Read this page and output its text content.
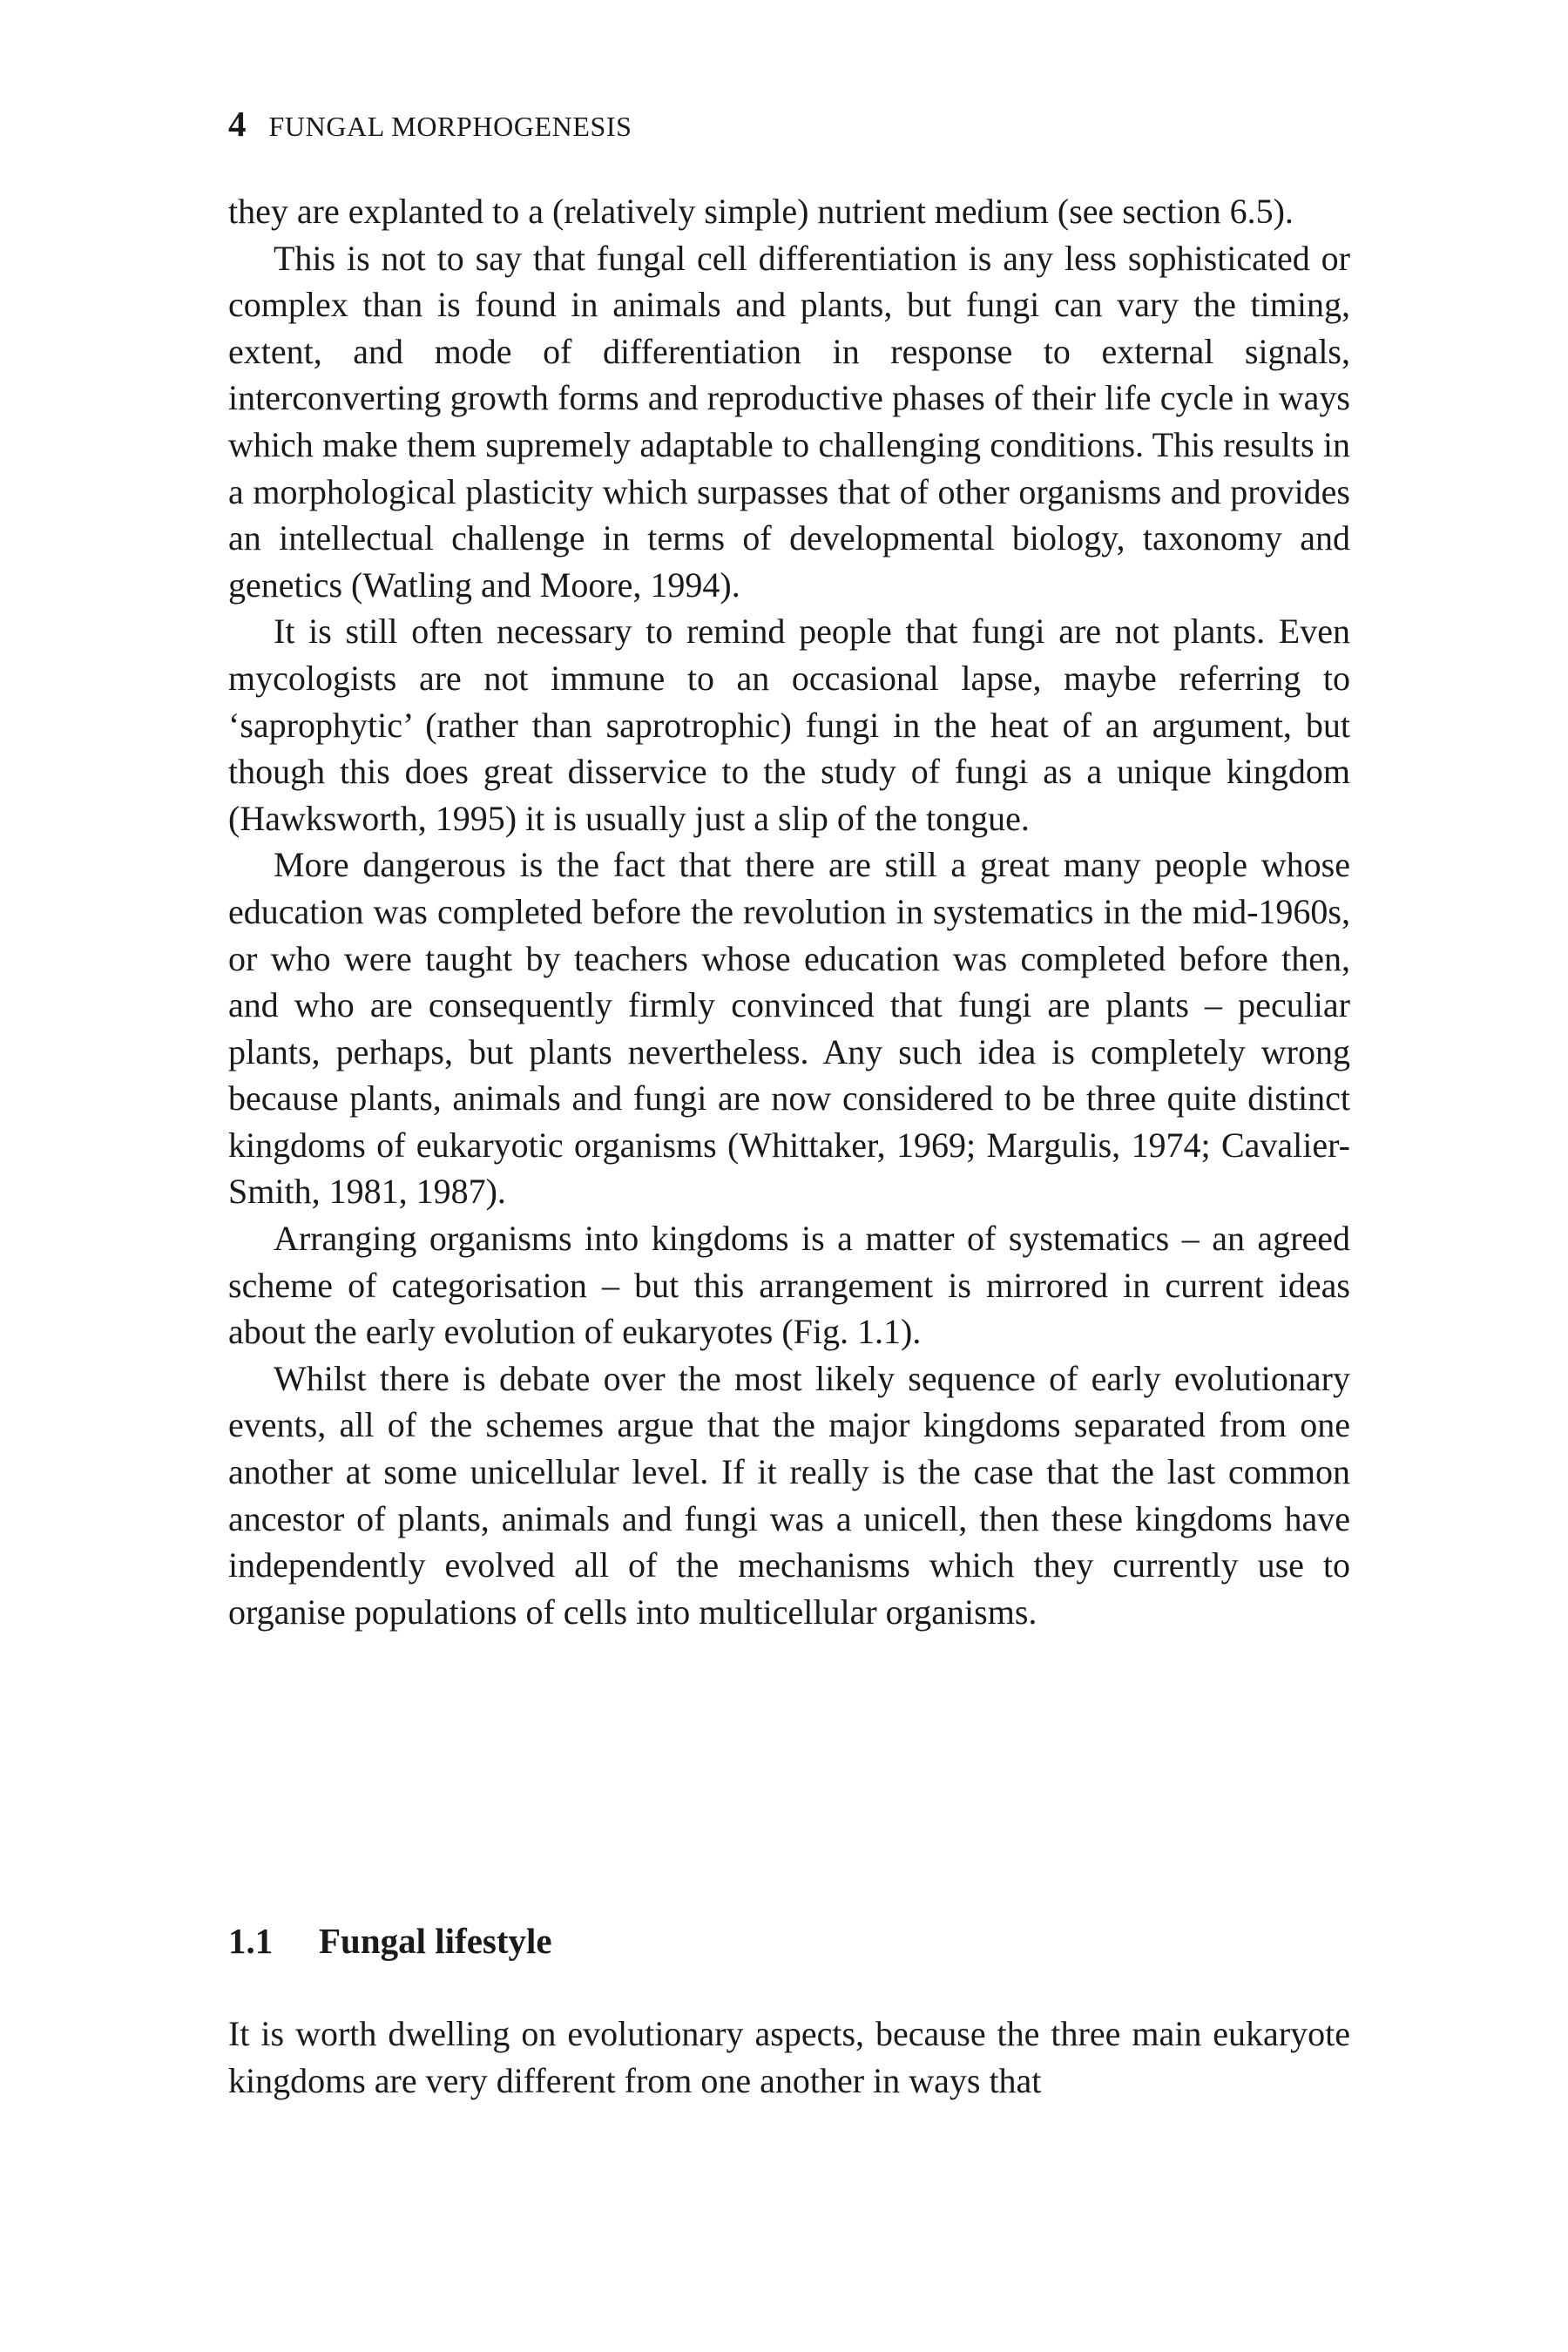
4 FUNGAL MORPHOGENESIS

they are explanted to a (relatively simple) nutrient medium (see section 6.5).

This is not to say that fungal cell differentiation is any less sophisticated or complex than is found in animals and plants, but fungi can vary the timing, extent, and mode of differentiation in response to external signals, interconverting growth forms and reproductive phases of their life cycle in ways which make them supremely adaptable to challenging conditions. This results in a morphological plasticity which surpasses that of other organisms and provides an intellectual challenge in terms of developmental biology, taxonomy and genetics (Watling and Moore, 1994).

It is still often necessary to remind people that fungi are not plants. Even mycologists are not immune to an occasional lapse, maybe referring to ‘saprophytic’ (rather than saprotrophic) fungi in the heat of an argument, but though this does great disservice to the study of fungi as a unique kingdom (Hawksworth, 1995) it is usually just a slip of the tongue.

More dangerous is the fact that there are still a great many people whose education was completed before the revolution in systematics in the mid-1960s, or who were taught by teachers whose education was completed before then, and who are consequently firmly convinced that fungi are plants – peculiar plants, perhaps, but plants nevertheless. Any such idea is completely wrong because plants, animals and fungi are now considered to be three quite distinct kingdoms of eukaryotic organisms (Whittaker, 1969; Margulis, 1974; Cavalier-Smith, 1981, 1987).

Arranging organisms into kingdoms is a matter of systematics – an agreed scheme of categorisation – but this arrangement is mirrored in current ideas about the early evolution of eukaryotes (Fig. 1.1).

Whilst there is debate over the most likely sequence of early evolutionary events, all of the schemes argue that the major kingdoms separated from one another at some unicellular level. If it really is the case that the last common ancestor of plants, animals and fungi was a unicell, then these kingdoms have independently evolved all of the mechanisms which they currently use to organise populations of cells into multicellular organisms.

1.1 Fungal lifestyle

It is worth dwelling on evolutionary aspects, because the three main eukaryote kingdoms are very different from one another in ways that
